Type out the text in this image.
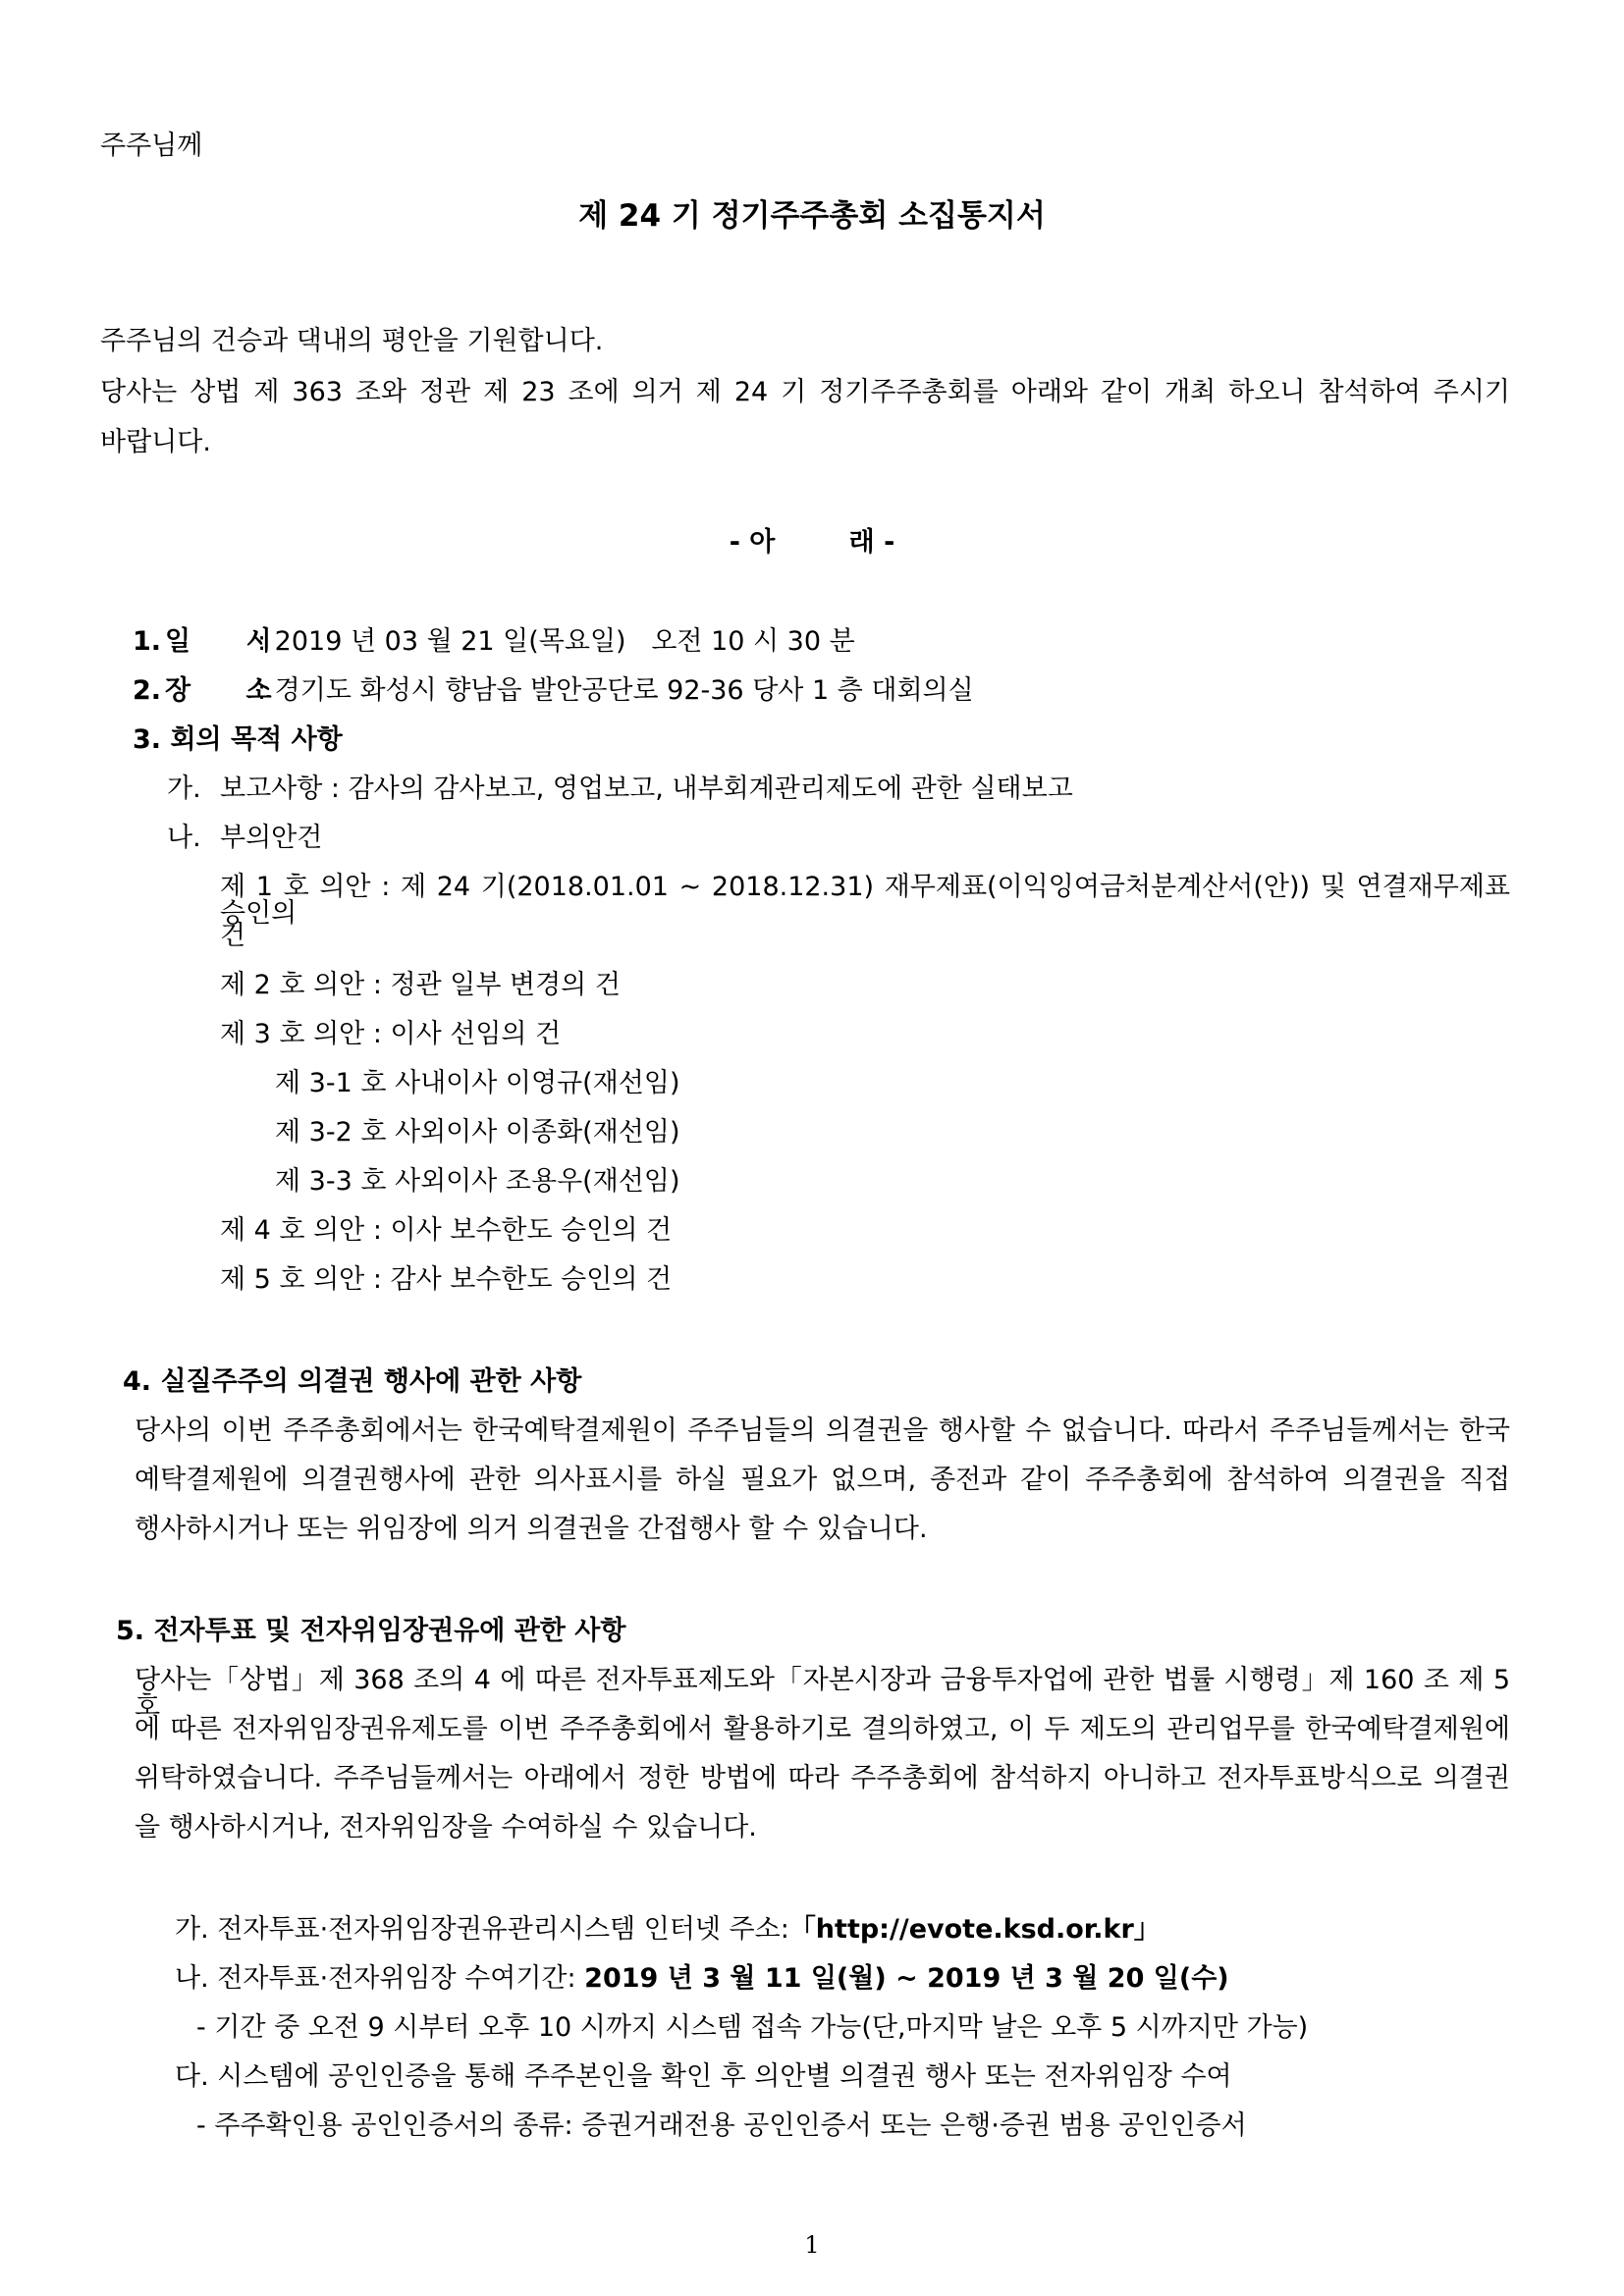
주주님께
제 24 기 정기주주총회 소집통지서
주주님의 건승과 댁내의 평안을 기원합니다.
당사는 상법 제 363 조와 정관 제 23 조에 의거 제 24 기 정기주주총회를 아래와 같이 개최 하오니 참석하여 주시기
바랍니다.
- 아        래 -
1. 일      시
: 2019 년 03 월 21 일(목요일)   오전 10 시 30 분
2. 장      소
: 경기도 화성시 향남읍 발안공단로 92-36 당사 1 층 대회의실
3. 회의 목적 사항
가. 보고사항 : 감사의 감사보고, 영업보고, 내부회계관리제도에 관한 실태보고
나. 부의안건
제 1 호 의안 : 제 24 기(2018.01.01 ~ 2018.12.31) 재무제표(이익잉여금처분계산서(안)) 및 연결재무제표 승인의
건
제 2 호 의안 : 정관 일부 변경의 건
제 3 호 의안 : 이사 선임의 건
제 3-1 호 사내이사 이영규(재선임)
제 3-2 호 사외이사 이종화(재선임)
제 3-3 호 사외이사 조용우(재선임)
제 4 호 의안 : 이사 보수한도 승인의 건
제 5 호 의안 : 감사 보수한도 승인의 건
4. 실질주주의 의결권 행사에 관한 사항
당사의 이번 주주총회에서는 한국예탁결제원이 주주님들의 의결권을 행사할 수 없습니다. 따라서 주주님들께서는 한국
예탁결제원에 의결권행사에 관한 의사표시를 하실 필요가 없으며, 종전과 같이 주주총회에 참석하여 의결권을 직접
행사하시거나 또는 위임장에 의거 의결권을 간접행사 할 수 있습니다.
5. 전자투표 및 전자위임장권유에 관한 사항
당사는「상법」제 368 조의 4 에 따른 전자투표제도와「자본시장과 금융투자업에 관한 법률 시행령」제 160 조 제 5 호
에 따른 전자위임장권유제도를 이번 주주총회에서 활용하기로 결의하였고, 이 두 제도의 관리업무를 한국예탁결제원에
위탁하였습니다. 주주님들께서는 아래에서 정한 방법에 따라 주주총회에 참석하지 아니하고 전자투표방식으로 의결권
을 행사하시거나, 전자위임장을 수여하실 수 있습니다.
가. 전자투표·전자위임장권유관리시스템 인터넷 주소:「http://evote.ksd.or.kr」
나. 전자투표·전자위임장 수여기간: 2019 년 3 월 11 일(월) ~ 2019 년 3 월 20 일(수)
- 기간 중 오전 9 시부터 오후 10 시까지 시스템 접속 가능(단,마지막 날은 오후 5 시까지만 가능)
다. 시스템에 공인인증을 통해 주주본인을 확인 후 의안별 의결권 행사 또는 전자위임장 수여
- 주주확인용 공인인증서의 종류: 증권거래전용 공인인증서 또는 은행·증권 범용 공인인증서
1
